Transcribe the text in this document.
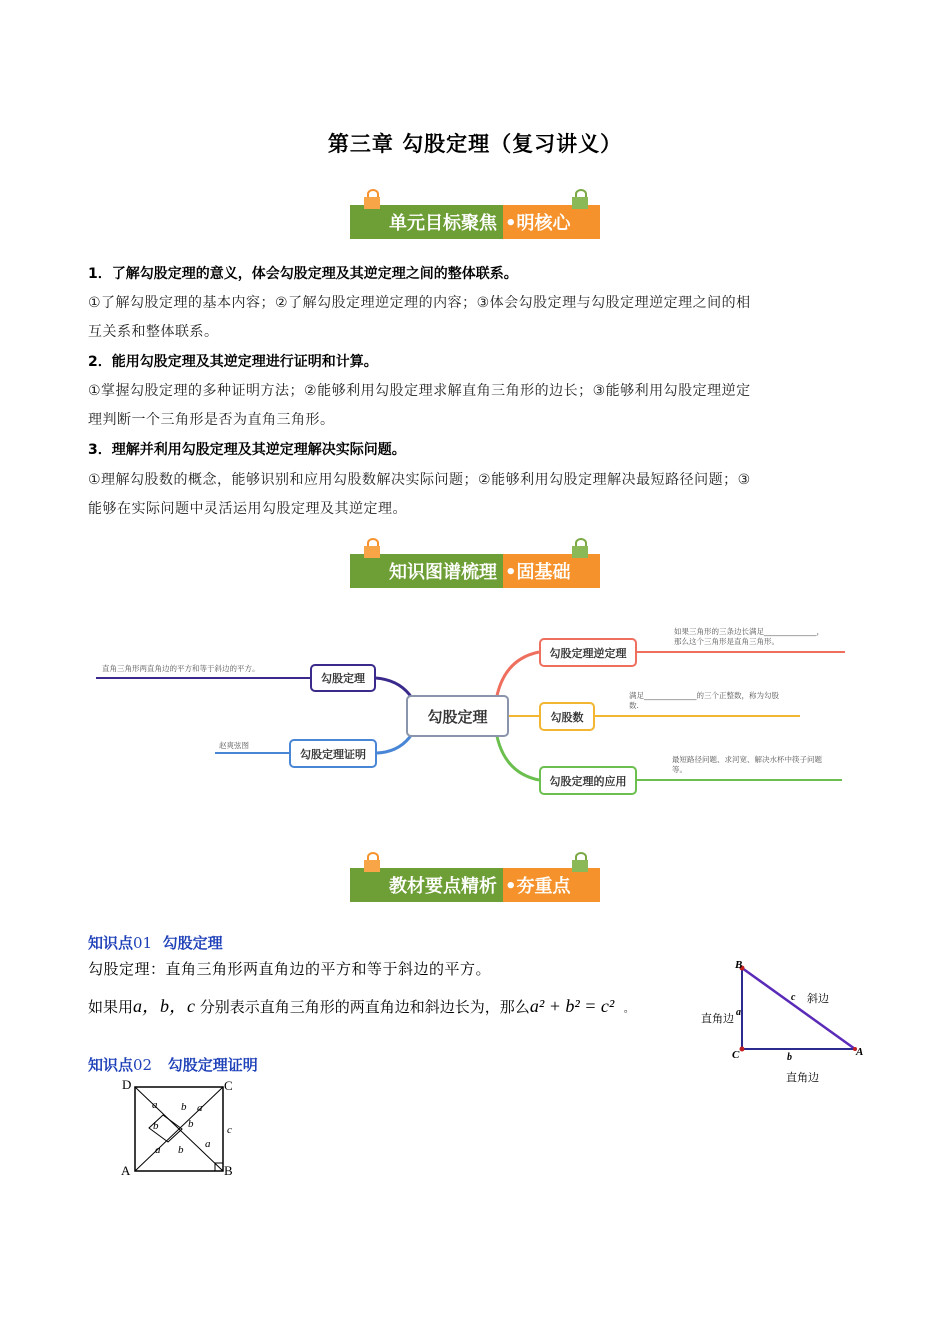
第三章 勾股定理（复习讲义）
单元目标聚焦 •明核心
1．了解勾股定理的意义，体会勾股定理及其逆定理之间的整体联系。
①了解勾股定理的基本内容；②了解勾股定理逆定理的内容；③体会勾股定理与勾股定理逆定理之间的相
互关系和整体联系。
2．能用勾股定理及其逆定理进行证明和计算。
①掌握勾股定理的多种证明方法；②能够利用勾股定理求解直角三角形的边长；③能够利用勾股定理逆定
理判断一个三角形是否为直角三角形。
3．理解并利用勾股定理及其逆定理解决实际问题。
①理解勾股数的概念，能够识别和应用勾股数解决实际问题；②能够利用勾股定理解决最短路径问题；③
能够在实际问题中灵活运用勾股定理及其逆定理。
知识图谱梳理 •固基础
勾股定理
勾股定理
直角三角形两直角边的平方和等于斜边的平方。
勾股定理证明
赵爽弦图
勾股定理逆定理
如果三角形的三条边长满足______________，
那么这个三角形是直角三角形。
勾股数
满足______________的三个正整数，称为勾股
数.
勾股定理的应用
最短路径问题、求河宽、解决水杯中筷子问题
等。
教材要点精析 •夯重点
知识点01 勾股定理
勾股定理：直角三角形两直角边的平方和等于斜边的平方。
如果用a，b，c 分别表示直角三角形的两直角边和斜边长为，那么a² + b² = c² 。
B
C	A
a
b
c 斜边
直角边
直角边
知识点02 勾股定理证明
D	C
A	B
c
a b a
b	b
a b a
